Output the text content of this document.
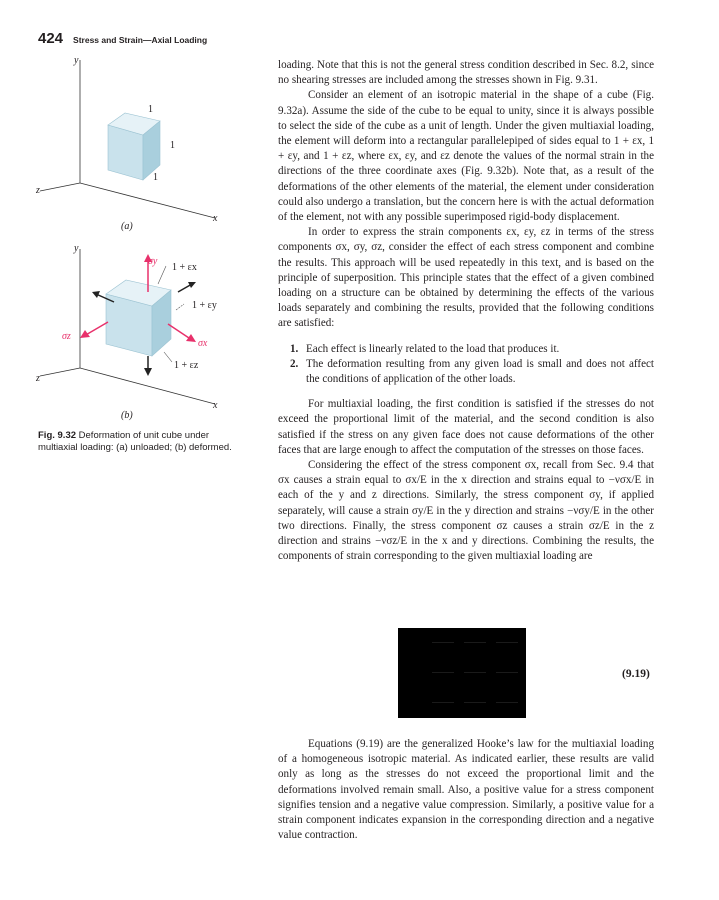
424 Stress and Strain—Axial Loading
y
x
z
1
1
1
(a)
y
x
z
σy
1 + εx
1 + εy
σz
σx
1 + εz
(b)
Fig. 9.32 Deformation of unit cube under multiaxial loading: (a) unloaded; (b) deformed.

loading. Note that this is not the general stress condition described in Sec. 8.2, since no shearing stresses are included among the stresses shown in Fig. 9.31.

Consider an element of an isotropic material in the shape of a cube (Fig. 9.32a). Assume the side of the cube to be equal to unity, since it is always possible to select the side of the cube as a unit of length. Under the given multiaxial loading, the element will deform into a rectangular parallelepiped of sides equal to 1 + εx, 1 + εy, and 1 + εz, where εx, εy, and εz denote the values of the normal strain in the directions of the three coordinate axes (Fig. 9.32b). Note that, as a result of the deformations of the other elements of the material, the element under consideration could also undergo a translation, but the concern here is with the actual deformation of the element, not with any possible superimposed rigid-body displacement.

In order to express the strain components εx, εy, εz in terms of the stress components σx, σy, σz, consider the effect of each stress component and combine the results. This approach will be used repeatedly in this text, and is based on the principle of superposition. This principle states that the effect of a given combined loading on a structure can be obtained by determining the effects of the various loads separately and combining the results, provided that the following conditions are satisfied:

1. Each effect is linearly related to the load that produces it.
2. The deformation resulting from any given load is small and does not affect the conditions of application of the other loads.

For multiaxial loading, the first condition is satisfied if the stresses do not exceed the proportional limit of the material, and the second condition is also satisfied if the stress on any given face does not cause deformations of the other faces that are large enough to affect the computation of the stresses on those faces.

Considering the effect of the stress component σx, recall from Sec. 9.4 that σx causes a strain equal to σx/E in the x direction and strains equal to −νσx/E in each of the y and z directions. Similarly, the stress component σy, if applied separately, will cause a strain σy/E in the y direction and strains −νσy/E in the other two directions. Finally, the stress component σz causes a strain σz/E in the z direction and strains −νσz/E in the x and y directions. Combining the results, the components of strain corresponding to the given multiaxial loading are

(9.19)

Equations (9.19) are the generalized Hooke’s law for the multiaxial loading of a homogeneous isotropic material. As indicated earlier, these results are valid only as long as the stresses do not exceed the proportional limit and the deformations involved remain small. Also, a positive value for a stress component signifies tension and a negative value compression. Similarly, a positive value for a strain component indicates expansion in the corresponding direction and a negative value contraction.
